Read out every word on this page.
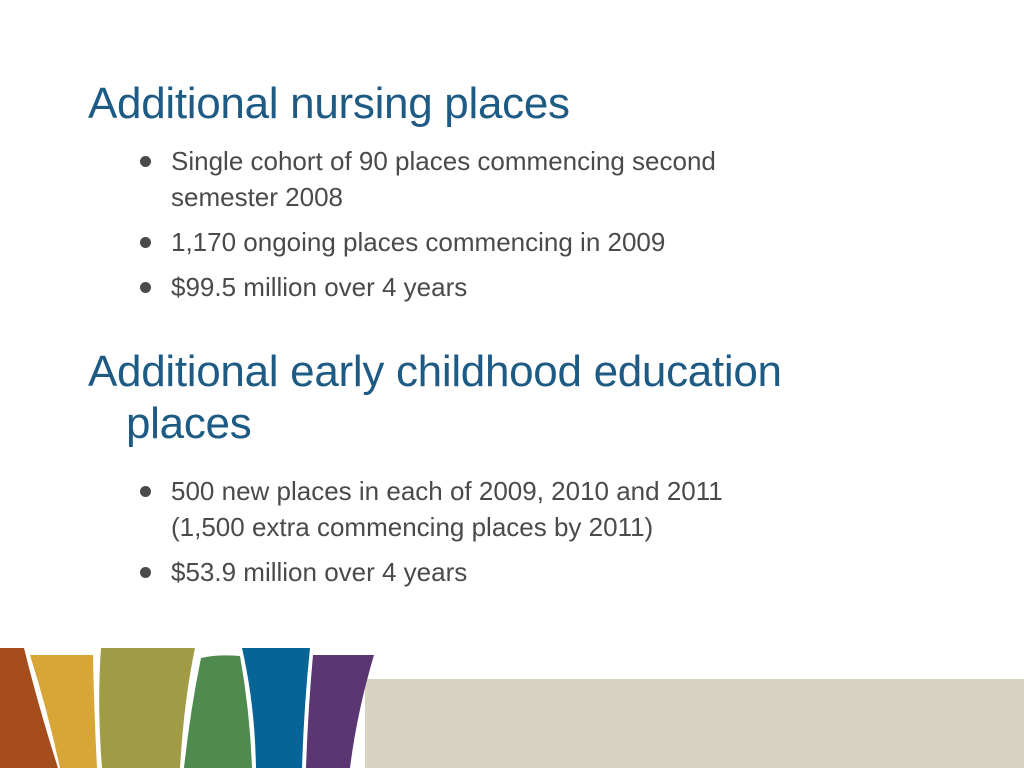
Additional nursing places
Single cohort of 90 places commencing second
semester 2008
1,170 ongoing places commencing in 2009
$99.5 million over 4 years
Additional early childhood education
places
500 new places in each of 2009, 2010 and 2011
(1,500 extra commencing places by 2011)
$53.9 million over 4 years
